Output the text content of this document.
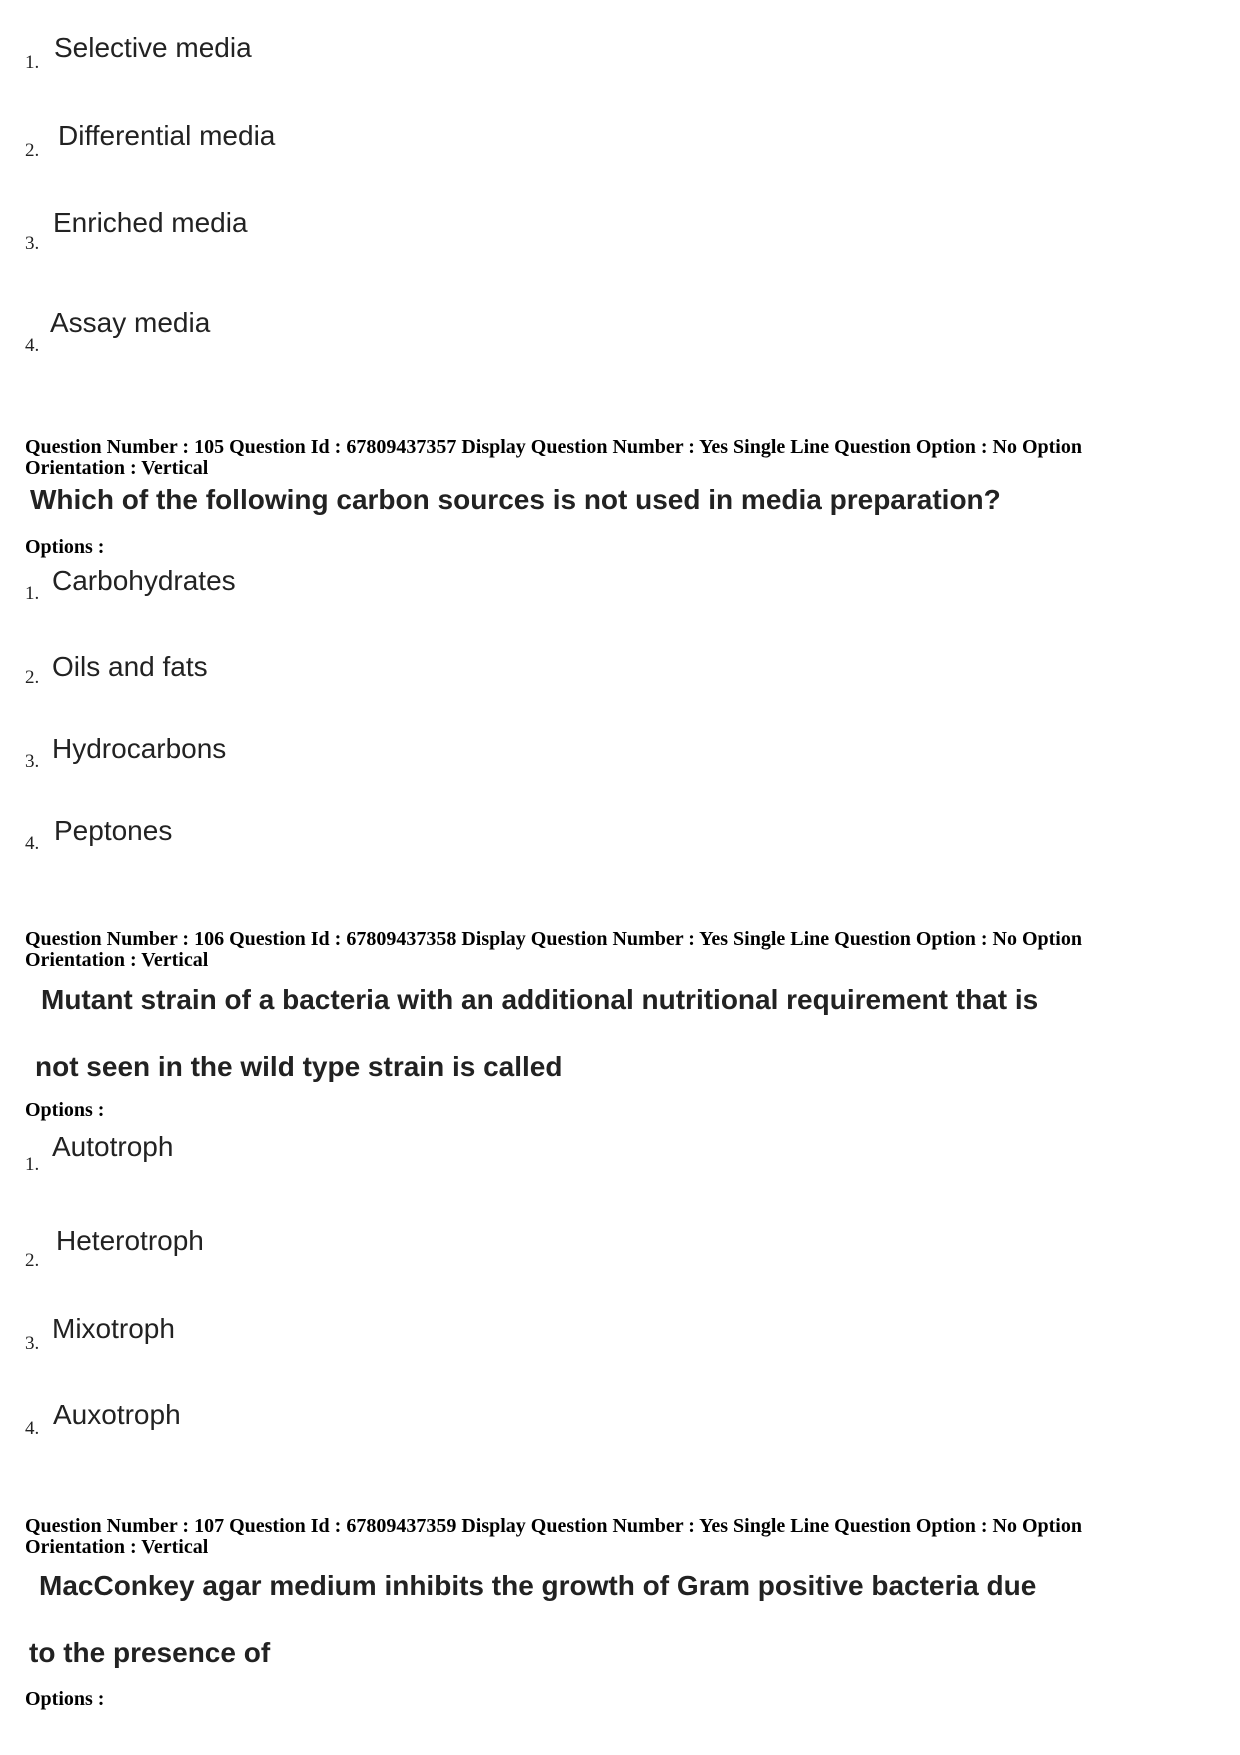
1. Selective media
2. Differential media
3.
Enriched media
4.
Assay media
Question Number : 105 Question Id : 67809437357 Display Question Number : Yes Single Line Question Option : No Option
Orientation : Vertical
Which of the following carbon sources is not used in media preparation?
Options :
1. Carbohydrates
2. Oils and fats
3. Hydrocarbons
4. Peptones
Question Number : 106 Question Id : 67809437358 Display Question Number : Yes Single Line Question Option : No Option
Orientation : Vertical
Mutant strain of a bacteria with an additional nutritional requirement that is
not seen in the wild type strain is called
Options :
1.
Autotroph
2.
Heterotroph
3. Mixotroph
4. Auxotroph
Question Number : 107 Question Id : 67809437359 Display Question Number : Yes Single Line Question Option : No Option
Orientation : Vertical
MacConkey agar medium inhibits the growth of Gram positive bacteria due
to the presence of
Options :
